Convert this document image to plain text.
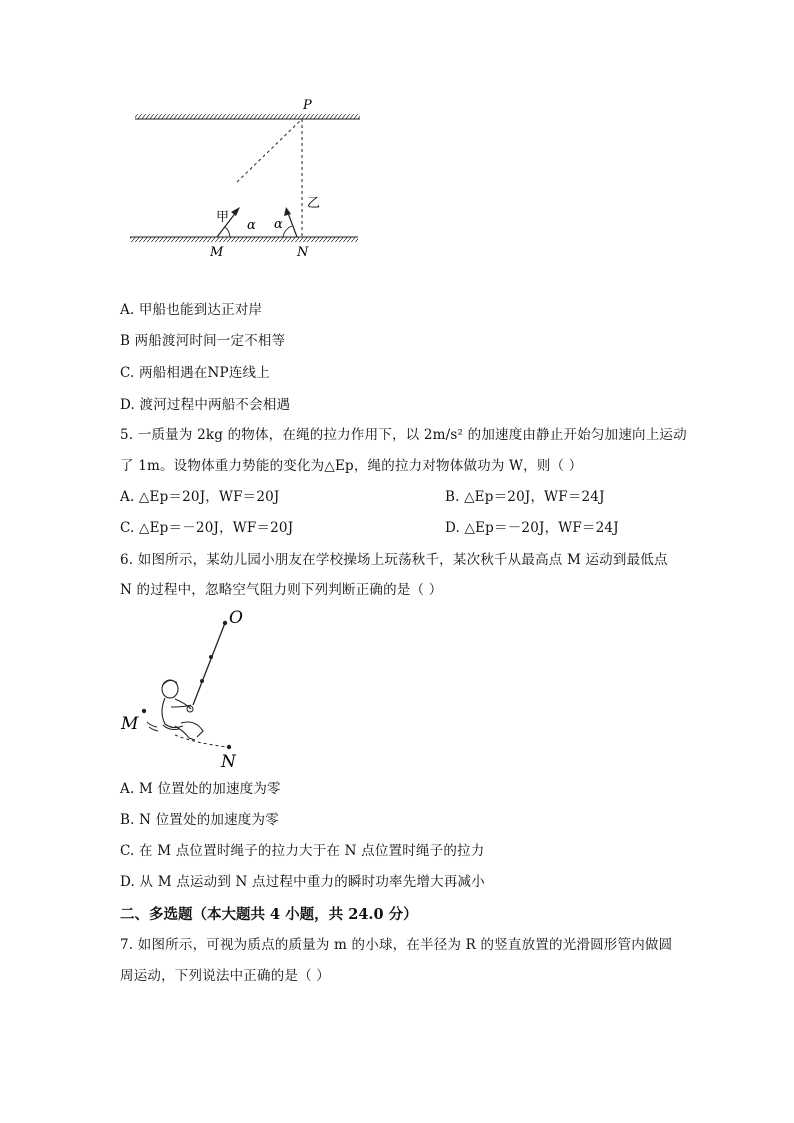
P
M	N
甲
乙
α α
A. 甲船也能到达正对岸
B 两船渡河时间一定不相等
C. 两船相遇在NP连线上
D. 渡河过程中两船不会相遇
5. 一质量为 2kg 的物体，在绳的拉力作用下，以 2m/s² 的加速度由静止开始匀加速向上运动
了 1m。设物体重力势能的变化为△Ep，绳的拉力对物体做功为 W，则（ ）
A. △Ep＝20J，WF＝20J	B. △Ep＝20J，WF＝24J
C. △Ep＝－20J，WF＝20J	D. △Ep＝－20J，WF＝24J
6. 如图所示，某幼儿园小朋友在学校操场上玩荡秋千，某次秋千从最高点 M 运动到最低点
N 的过程中，忽略空气阻力则下列判断正确的是（ ）
O
M
N
A. M 位置处的加速度为零
B. N 位置处的加速度为零
C. 在 M 点位置时绳子的拉力大于在 N 点位置时绳子的拉力
D. 从 M 点运动到 N 点过程中重力的瞬时功率先增大再减小
二、多选题（本大题共 4 小题，共 24.0 分）
7. 如图所示，可视为质点的质量为 m 的小球，在半径为 R 的竖直放置的光滑圆形管内做圆
周运动，下列说法中正确的是（ ）
